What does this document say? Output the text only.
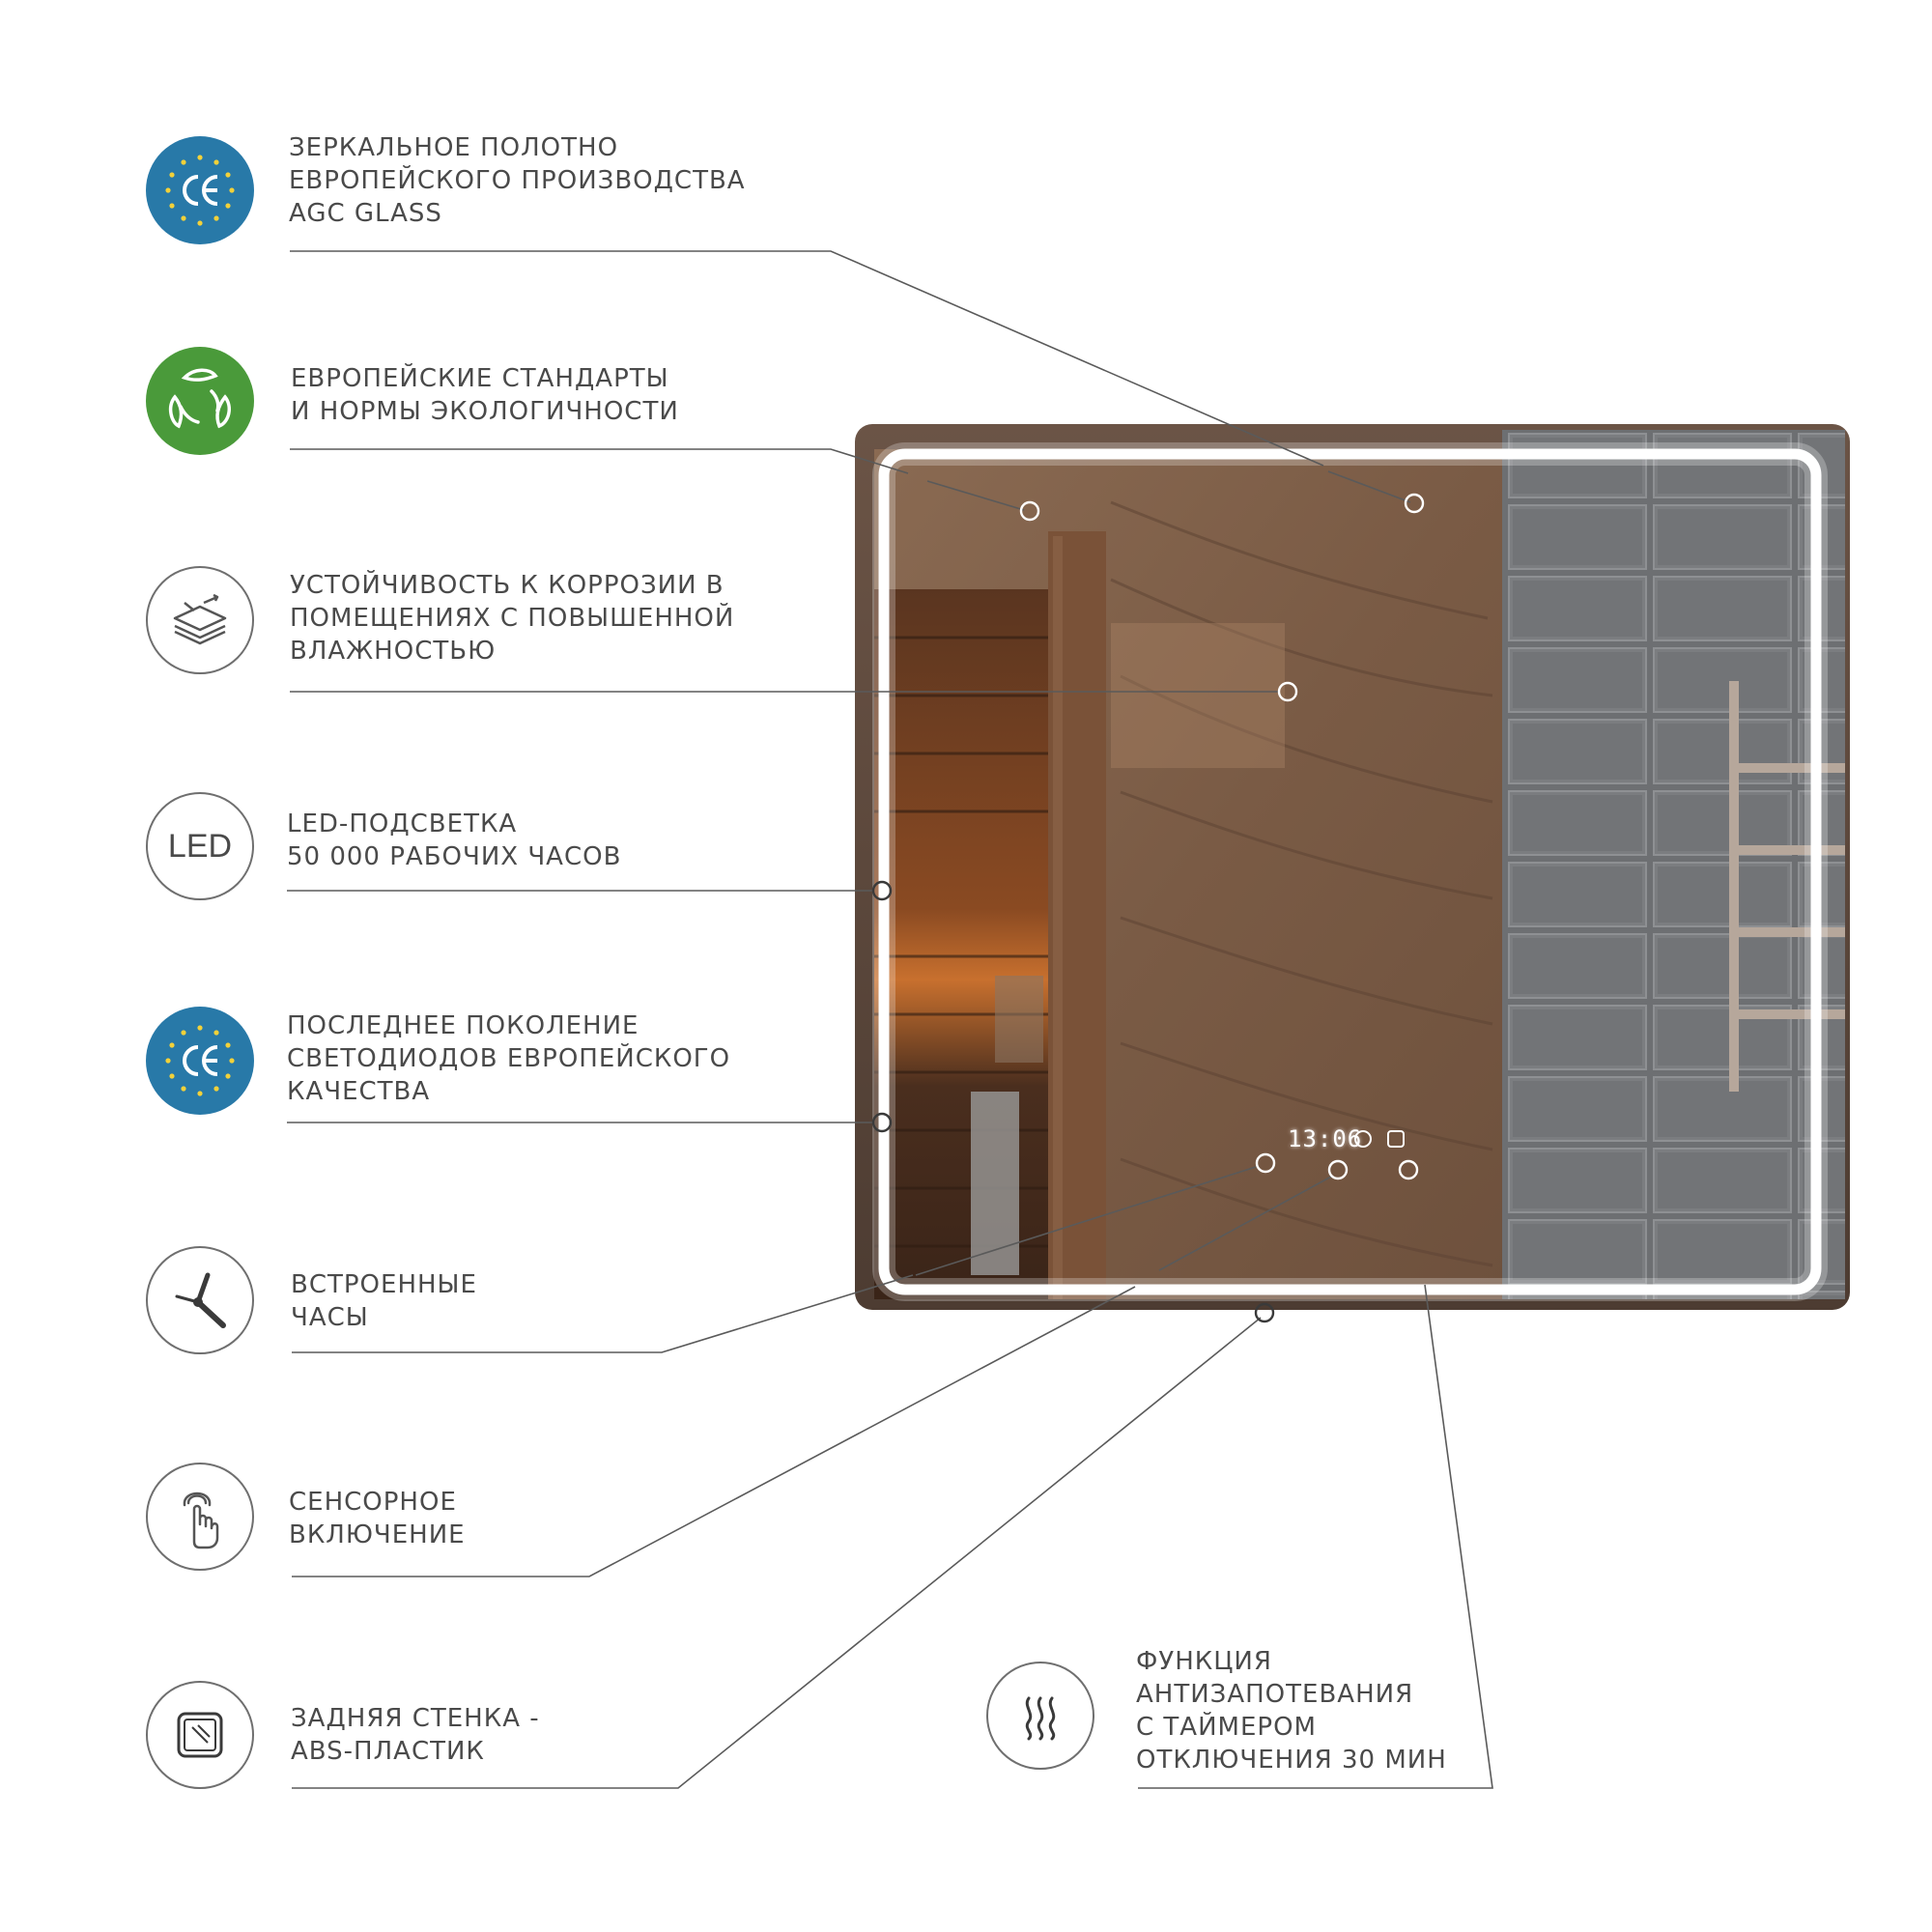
13:06
ЗЕРКАЛЬНОЕ ПОЛОТНО
ЕВРОПЕЙСКОГО ПРОИЗВОДСТВА
AGC GLASS
ЕВРОПЕЙСКИЕ СТАНДАРТЫ
И НОРМЫ ЭКОЛОГИЧНОСТИ
УСТОЙЧИВОСТЬ К КОРРОЗИИ В
ПОМЕЩЕНИЯХ С ПОВЫШЕННОЙ
ВЛАЖНОСТЬЮ
LED
LED-ПОДСВЕТКА
50 000 РАБОЧИХ ЧАСОВ
ПОСЛЕДНЕЕ ПОКОЛЕНИЕ
СВЕТОДИОДОВ ЕВРОПЕЙСКОГО
КАЧЕСТВА
ВСТРОЕННЫЕ
ЧАСЫ
СЕНСОРНОЕ
ВКЛЮЧЕНИЕ
ЗАДНЯЯ СТЕНКА -
ABS-ПЛАСТИК
ФУНКЦИЯ
АНТИЗАПОТЕВАНИЯ
С ТАЙМЕРОМ
ОТКЛЮЧЕНИЯ 30 МИН
